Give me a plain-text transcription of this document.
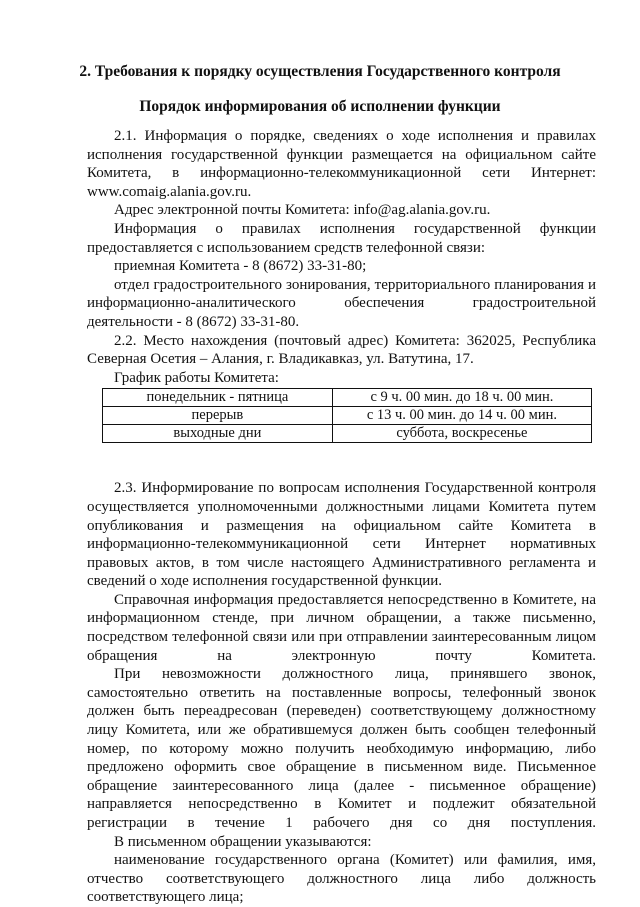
2. Требования к порядку осуществления Государственного контроля
Порядок информирования об исполнении функции

2.1. Информация о порядке, сведениях о ходе исполнения и правилах исполнения государственной функции размещается на официальном сайте Комитета, в информационно-телекоммуникационной сети Интернет: www.comaig.alania.gov.ru.

Адрес электронной почты Комитета: info@ag.alania.gov.ru.

Информация о правилах исполнения государственной функции предоставляется с использованием средств телефонной связи:

приемная Комитета - 8 (8672) 33-31-80;

отдел градостроительного зонирования, территориального планирования и информационно-аналитического обеспечения градостроительной деятельности - 8 (8672) 33-31-80.

2.2. Место нахождения (почтовый адрес) Комитета: 362025, Республика Северная Осетия – Алания, г. Владикавказ, ул. Ватутина, 17.

График работы Комитета:

понедельник - пятница	с 9 ч. 00 мин. до 18 ч. 00 мин.
перерыв	с 13 ч. 00 мин. до 14 ч. 00 мин.
выходные дни	суббота, воскресенье

2.3. Информирование по вопросам исполнения Государственной контроля осуществляется уполномоченными должностными лицами Комитета путем опубликования и размещения на официальном сайте Комитета в информационно-телекоммуникационной сети Интернет нормативных правовых актов, в том числе настоящего Административного регламента и сведений о ходе исполнения государственной функции.

Справочная информация предоставляется непосредственно в Комитете, на информационном стенде, при личном обращении, а также письменно, посредством телефонной связи или при отправлении заинтересованным лицом обращения на электронную почту Комитета.

При невозможности должностного лица, принявшего звонок, самостоятельно ответить на поставленные вопросы, телефонный звонок должен быть переадресован (переведен) соответствующему должностному лицу Комитета, или же обратившемуся должен быть сообщен телефонный номер, по которому можно получить необходимую информацию, либо предложено оформить свое обращение в письменном виде. Письменное обращение заинтересованного лица (далее - письменное обращение) направляется непосредственно в Комитет и подлежит обязательной регистрации в течение 1 рабочего дня со дня поступления.

В письменном обращении указываются:

наименование государственного органа (Комитет) или фамилия, имя, отчество соответствующего должностного лица либо должность соответствующего лица;
